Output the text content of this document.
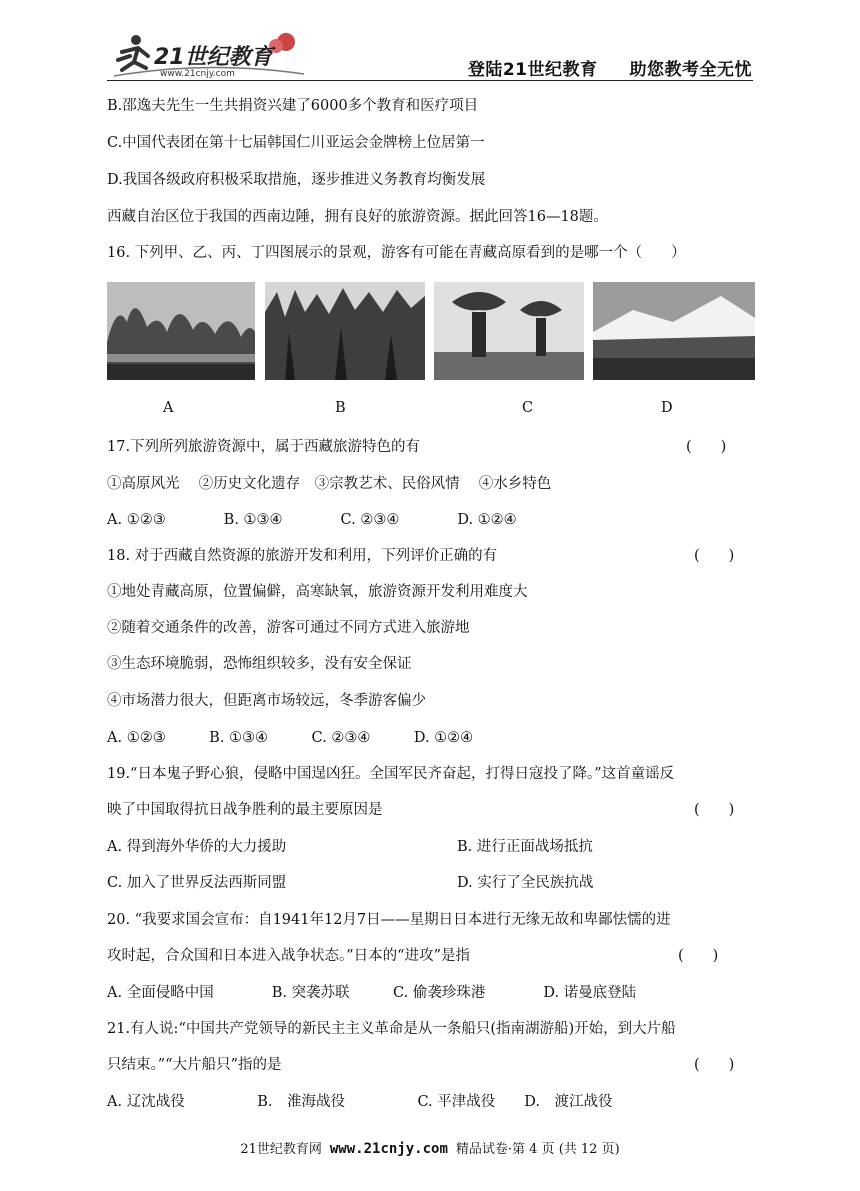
21世纪教育
www.21cnjy.com	登陆21世纪教育 助您教考全无忧
B.邵逸夫先生一生共捐资兴建了6000多个教育和医疗项目
C.中国代表团在第十七届韩国仁川亚运会金牌榜上位居第一
D.我国各级政府积极采取措施，逐步推进义务教育均衡发展
西藏自治区位于我国的西南边陲，拥有良好的旅游资源。据此回答16—18题。
16. 下列甲、乙、丙、丁四图展示的景观，游客有可能在青藏高原看到的是哪一个（　　）
A	B	C	D
17.下列所列旅游资源中，属于西藏旅游特色的有	(　　)
①高原风光　 ②历史文化遗存　③宗教艺术、民俗风情　 ④水乡特色
A. ①②③　　　　B. ①③④　　　　C. ②③④　　　　D. ①②④
18. 对于西藏自然资源的旅游开发和利用，下列评价正确的有	(　　)
①地处青藏高原，位置偏僻，高寒缺氧，旅游资源开发利用难度大
②随着交通条件的改善，游客可通过不同方式进入旅游地
③生态环境脆弱，恐怖组织较多，没有安全保证
④市场潜力很大，但距离市场较远，冬季游客偏少
A. ①②③　　　B. ①③④　　　C. ②③④　　　D. ①②④
19.“日本鬼子野心狼，侵略中国逞凶狂。全国军民齐奋起，打得日寇投了降。”这首童谣反
映了中国取得抗日战争胜利的最主要原因是	(　　)
A. 得到海外华侨的大力援助	B. 进行正面战场抵抗
C. 加入了世界反法西斯同盟	D. 实行了全民族抗战
20. “我要求国会宣布：自1941年12月7日——星期日日本进行无缘无故和卑鄙怯懦的进
攻时起，合众国和日本进入战争状态。”日本的“进攻”是指	(　　)
A. 全面侵略中国　　　　B. 突袭苏联　　　C. 偷袭珍珠港　　　　D. 诺曼底登陆
21.有人说:“中国共产党领导的新民主主义革命是从一条船只(指南湖游船)开始，到大片船
只结束。”“大片船只”指的是	(　　)
A. 辽沈战役　　　　　B.　淮海战役　　　　　C. 平津战役　　D.　渡江战役
21世纪教育网 www.21cnjy.com 精品试卷·第 4 页 (共 12 页)
